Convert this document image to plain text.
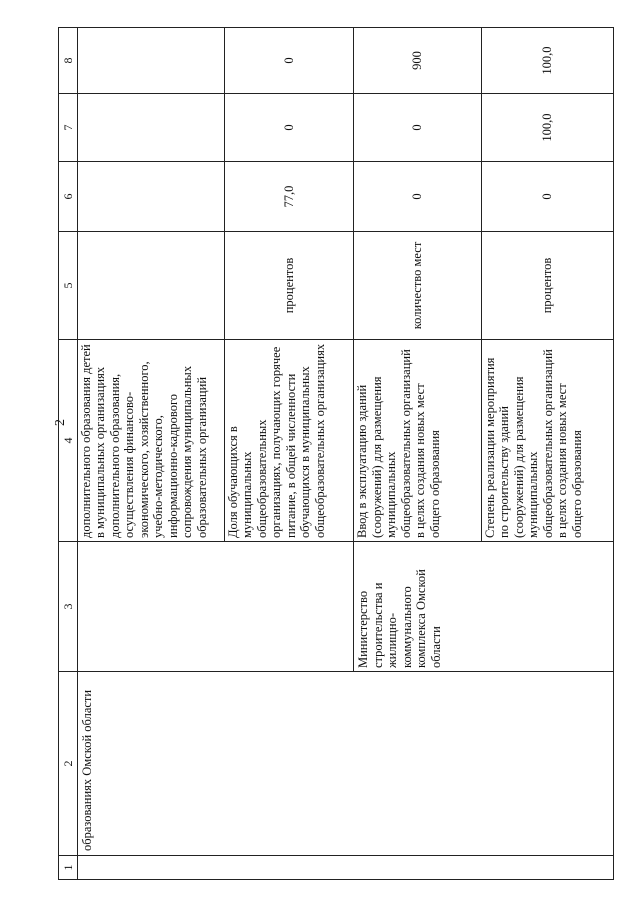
2
1	2	3	4	5	6	7	8
	образованиях Омской области		дополнительного образования детей в муниципальных организациях дополнительного образования, осуществления финансово-экономического, хозяйственного, учебно-методического, информационно-кадрового сопровождения муниципальных образовательных организаций				
			Доля обучающихся в муниципальных общеобразовательных организациях, получающих горячее питание, в общей численности обучающихся в муниципальных общеобразовательных организациях	процентов	77,0	0	0
		Министерство строительства и жилищно-коммунального комплекса Омской области	Ввод в эксплуатацию зданий (сооружений) для размещения муниципальных общеобразовательных организаций в целях создания новых мест общего образования	количество мест	0	0	900
			Степень реализации мероприятия по строительству зданий (сооружений) для размещения муниципальных общеобразовательных организаций в целях создания новых мест общего образования	процентов	0	100,0	100,0
